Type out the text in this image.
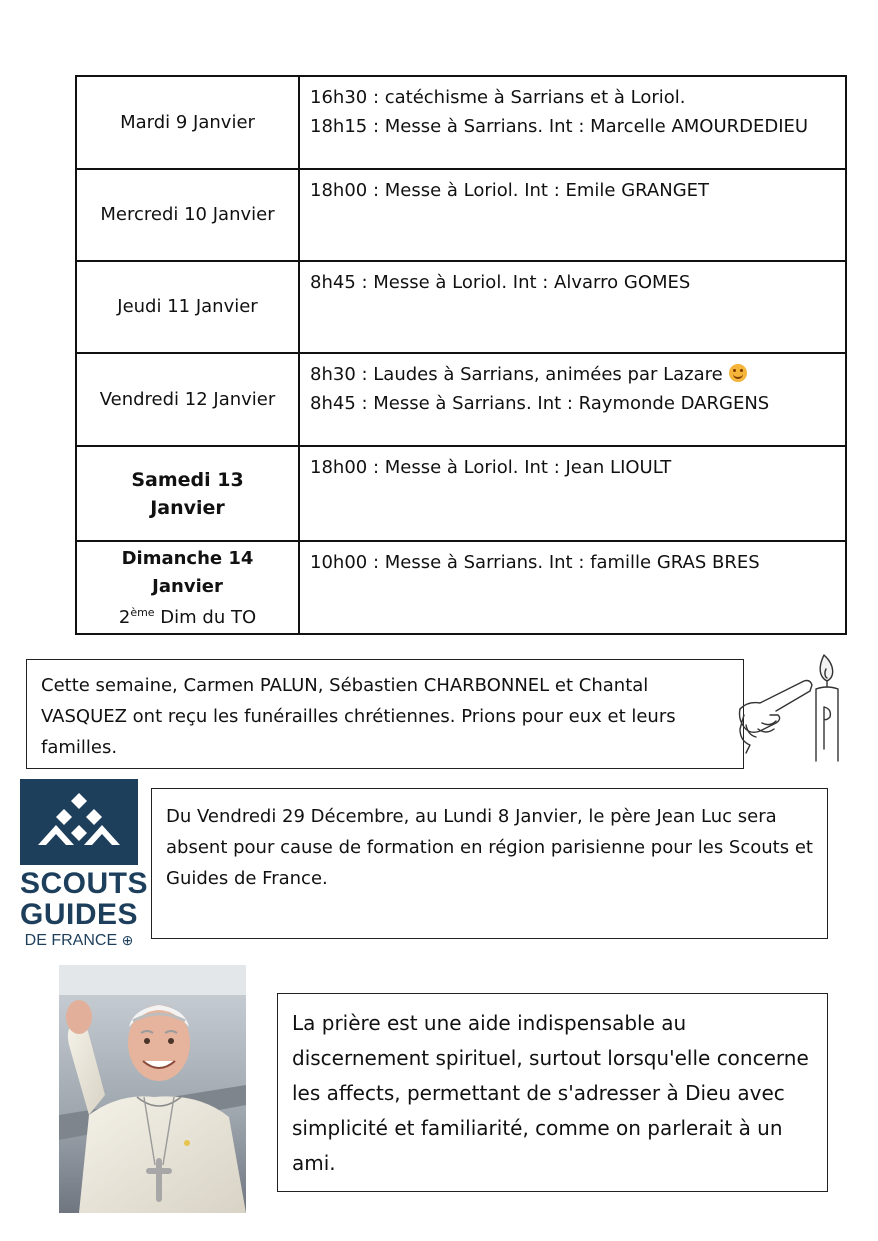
Mardi 9 Janvier	16h30 : catéchisme à Sarrians et à Loriol.
18h15 : Messe à Sarrians. Int : Marcelle AMOURDEDIEU

Mercredi 10 Janvier	18h00 : Messe à Loriol. Int : Emile GRANGET

Jeudi 11 Janvier	8h45 : Messe à Loriol. Int : Alvarro GOMES

Vendredi 12 Janvier	8h30 : Laudes à Sarrians, animées par Lazare
8h45 : Messe à Sarrians. Int : Raymonde DARGENS

Samedi 13
Janvier	18h00 : Messe à Loriol. Int : Jean LIOULT

Dimanche 14
Janvier
2ème Dim du TO	10h00 : Messe à Sarrians. Int : famille GRAS BRES
Cette semaine, Carmen PALUN, Sébastien CHARBONNEL et Chantal VASQUEZ ont reçu les funérailles chrétiennes. Prions pour eux et leurs familles.
SCOUTS
GUIDES
DE FRANCE ⊕
Du Vendredi 29 Décembre, au Lundi 8 Janvier, le père Jean Luc sera absent pour cause de formation en région parisienne pour les Scouts et Guides de France.
La prière est une aide indispensable au discernement spirituel, surtout lorsqu'elle concerne les affects, permettant de s'adresser à Dieu avec simplicité et familiarité, comme on parlerait à un ami.
